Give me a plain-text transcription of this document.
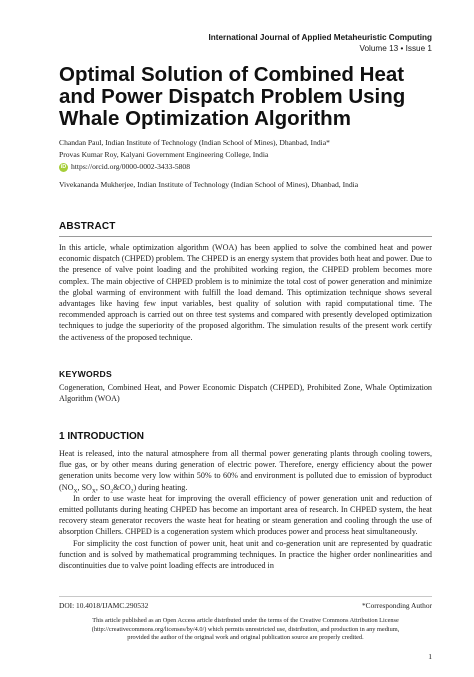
International Journal of Applied Metaheuristic Computing
Volume 13 • Issue 1
Optimal Solution of Combined Heat and Power Dispatch Problem Using Whale Optimization Algorithm
Chandan Paul, Indian Institute of Technology (Indian School of Mines), Dhanbad, India*
Provas Kumar Roy, Kalyani Government Engineering College, India
iD https://orcid.org/0000-0002-3433-5808
Vivekananda Mukherjee, Indian Institute of Technology (Indian School of Mines), Dhanbad, India
ABSTRACT

In this article, whale optimization algorithm (WOA) has been applied to solve the combined heat and power economic dispatch (CHPED) problem. The CHPED is an energy system that provides both heat and power. Due to the presence of valve point loading and the prohibited working region, the CHPED problem becomes more complex. The main objective of CHPED problem is to minimize the total cost of power generation and minimize the global warming of environment with fulfill the load demand. This optimization technique shows several advantages like having few input variables, best quality of solution with rapid computational time. The recommended approach is carried out on three test systems and compared with presently developed optimization techniques to judge the superiority of the proposed algorithm. The simulation results of the present work certify the activeness of the proposed technique.

KEYWORDS

Cogeneration, Combined Heat, and Power Economic Dispatch (CHPED), Prohibited Zone, Whale Optimization Algorithm (WOA)

1 INTRODUCTION

Heat is released, into the natural atmosphere from all thermal power generating plants through cooling towers, flue gas, or by other means during generation of electric power. Therefore, energy efficiency about the power generation units become very low within 50% to 60% and environment is polluted due to emission of byproduct ($NO_X$, $SO_X$, $SO_2\&CO_2$) during heating.

In order to use waste heat for improving the overall efficiency of power generation unit and reduction of emitted pollutants during heating CHPED has become an important area of research. In CHPED system, the heat recovery steam generator recovers the waste heat for heating or steam generation and cooling through the use of absorption Chillers. CHPED is a cogeneration system which produces power and process heat simultaneously.

For simplicity the cost function of power unit, heat unit and co-generation unit are represented by quadratic function and is solved by mathematical programming techniques. In practice the higher order nonlinearities and discontinuities due to valve point loading effects are introduced in

DOI: 10.4018/IJAMC.290532	*Corresponding Author
This article published as an Open Access article distributed under the terms of the Creative Commons Attribution License
(http://creativecommons.org/licenses/by/4.0/) which permits unrestricted use, distribution, and production in any medium,
provided the author of the original work and original publication source are properly credited.
1
